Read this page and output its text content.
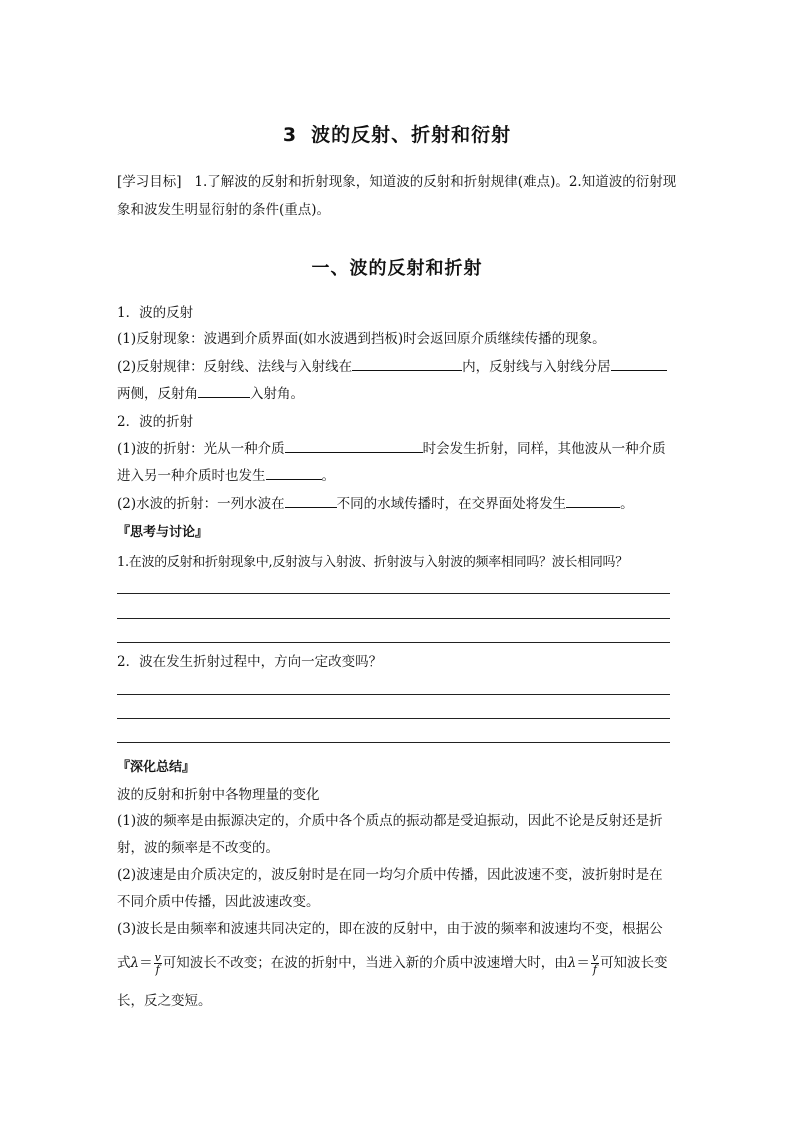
3 波的反射、折射和衍射
[学习目标] 1.了解波的反射和折射现象，知道波的反射和折射规律(难点)。2.知道波的衍射现象和波发生明显衍射的条件(重点)。
一、波的反射和折射
1．波的反射
(1)反射现象：波遇到介质界面(如水波遇到挡板)时会返回原介质继续传播的现象。
(2)反射规律：反射线、法线与入射线在	内，反射线与入射线分居
两侧，反射角	入射角。
2．波的折射
(1)波的折射：光从一种介质	时会发生折射，同样，其他波从一种介质
进入另一种介质时也发生	。
(2)水波的折射：一列水波在	不同的水域传播时，在交界面处将发生	。
『思考与讨论』
1.在波的反射和折射现象中,反射波与入射波、折射波与入射波的频率相同吗？波长相同吗？
2．波在发生折射过程中，方向一定改变吗？
『深化总结』
波的反射和折射中各物理量的变化
(1)波的频率是由振源决定的，介质中各个质点的振动都是受迫振动，因此不论是反射还是折
射，波的频率是不改变的。
(2)波速是由介质决定的，波反射时是在同一均匀介质中传播，因此波速不变，波折射时是在
不同介质中传播，因此波速改变。
(3)波长是由频率和波速共同决定的，即在波的反射中，由于波的频率和波速均不变，根据公
式$\lambda= \frac{v}{f}$ 可知波长不改变；在波的折射中，当进入新的介质中波速增大时，由$\lambda= \frac{v}{f}$ 可知波长变
长，反之变短。
